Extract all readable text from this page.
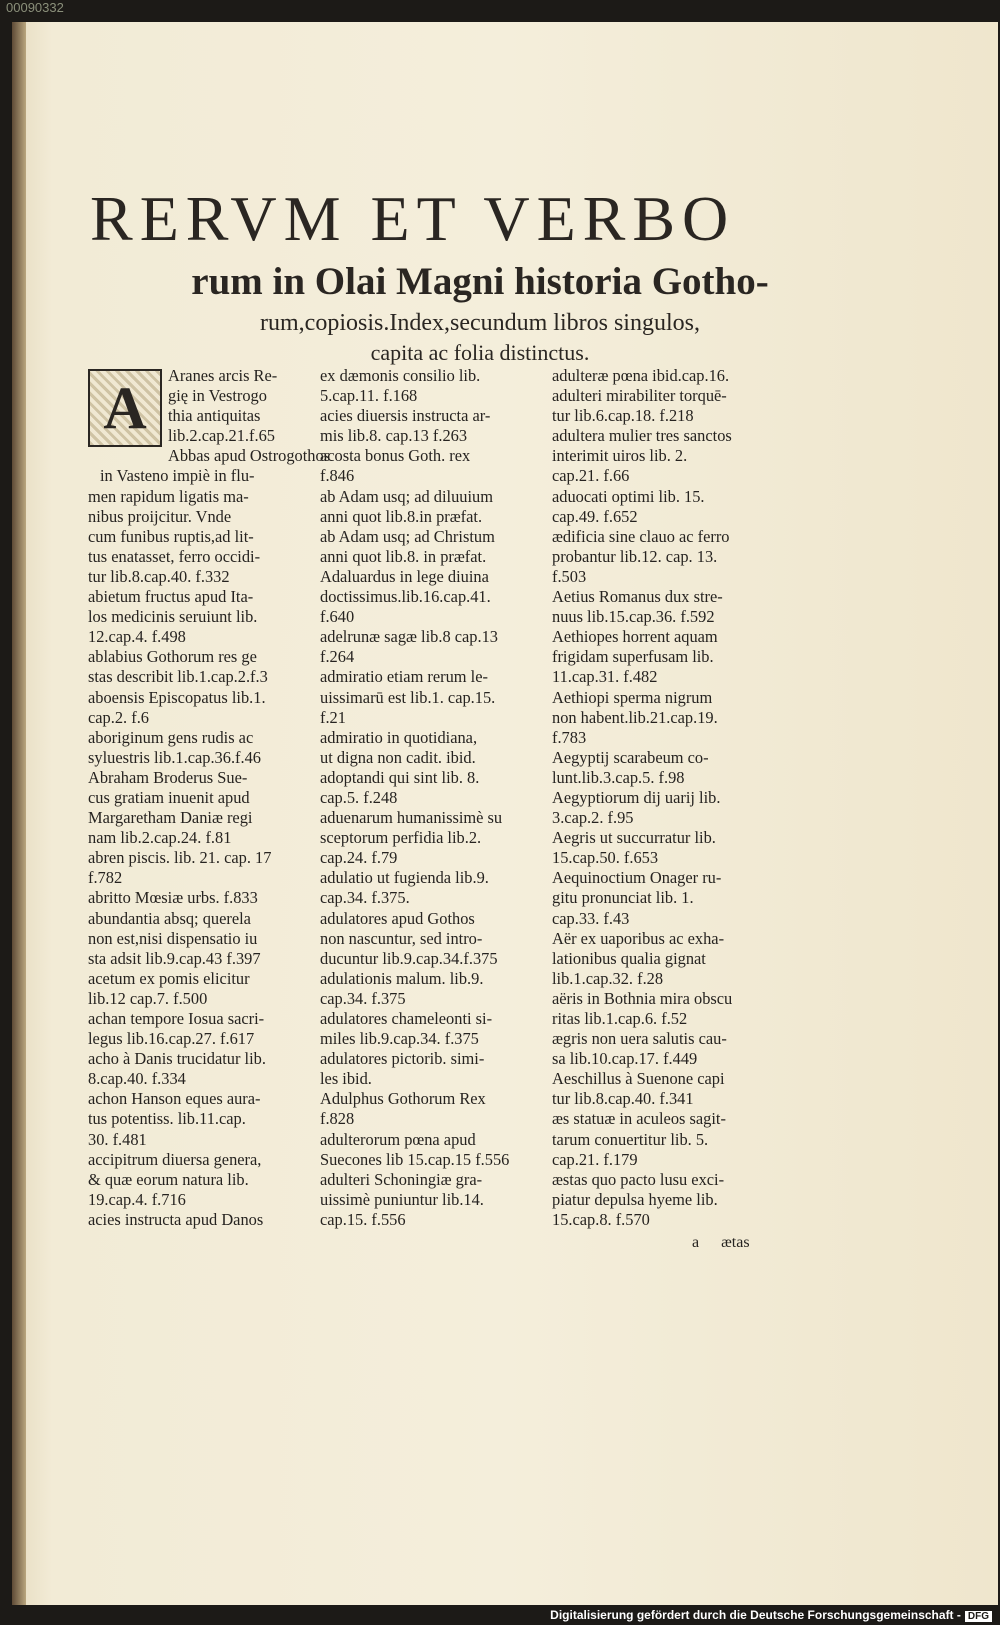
00090332

RERVM ET VERBO
rum in Olai Magni historia Gotho-

rum,copiosis.Index,secundum libros singulos,

capita ac folia distinctus.

A	Aranes arcis Re-
gię in Vestrogo
thia antiquitas
lib.2.cap.21.f.65
Abbas apud Ostrogothos
in Vasteno impiè in flu-
men rapidum ligatis ma-
nibus proijcitur. Vnde
cum funibus ruptis,ad lit-
tus enatasset, ferro occidi-
tur lib.8.cap.40. f.332
abietum fructus apud Ita-
los medicinis seruiunt lib.
12.cap.4. f.498
ablabius Gothorum res ge
stas describit lib.1.cap.2.f.3
aboensis Episcopatus lib.1.
cap.2. f.6
aboriginum gens rudis ac
syluestris lib.1.cap.36.f.46
Abraham Broderus Sue-
cus gratiam inuenit apud
Margaretham Daniæ regi
nam lib.2.cap.24. f.81
abren piscis. lib. 21. cap. 17
f.782
abritto Mœsiæ urbs. f.833
abundantia absq; querela
non est,nisi dispensatio iu
sta adsit lib.9.cap.43 f.397
acetum ex pomis elicitur
lib.12 cap.7. f.500
achan tempore Iosua sacri-
legus lib.16.cap.27. f.617
acho à Danis trucidatur lib.
8.cap.40. f.334
achon Hanson eques aura-
tus potentiss. lib.11.cap.
30. f.481
accipitrum diuersa genera,
& quæ eorum natura lib.
19.cap.4. f.716
acies instructa apud Danos
ex dæmonis consilio lib.
5.cap.11. f.168
acies diuersis instructa ar-
mis lib.8. cap.13 f.263
acosta bonus Goth. rex
f.846
ab Adam usq; ad diluuium
anni quot lib.8.in præfat.
ab Adam usq; ad Christum
anni quot lib.8. in præfat.
Adaluardus in lege diuina
doctissimus.lib.16.cap.41.
f.640
adelrunæ sagæ lib.8 cap.13
f.264
admiratio etiam rerum le-
uissimarū est lib.1. cap.15.
f.21
admiratio in quotidiana,
ut digna non cadit. ibid.
adoptandi qui sint lib. 8.
cap.5. f.248
aduenarum humanissimè su
sceptorum perfidia lib.2.
cap.24. f.79
adulatio ut fugienda lib.9.
cap.34. f.375.
adulatores apud Gothos
non nascuntur, sed intro-
ducuntur lib.9.cap.34.f.375
adulationis malum. lib.9.
cap.34. f.375
adulatores chameleonti si-
miles lib.9.cap.34. f.375
adulatores pictorib. simi-
les ibid.
Adulphus Gothorum Rex
f.828
adulterorum pœna apud
Suecones lib 15.cap.15 f.556
adulteri Schoningiæ gra-
uissimè puniuntur lib.14.
cap.15. f.556
adulteræ pœna ibid.cap.16.
adulteri mirabiliter torquē-
tur lib.6.cap.18. f.218
adultera mulier tres sanctos
interimit uiros lib. 2.
cap.21. f.66
aduocati optimi lib. 15.
cap.49. f.652
ædificia sine clauo ac ferro
probantur lib.12. cap. 13.
f.503
Aetius Romanus dux stre-
nuus lib.15.cap.36. f.592
Aethiopes horrent aquam
frigidam superfusam lib.
11.cap.31. f.482
Aethiopi sperma nigrum
non habent.lib.21.cap.19.
f.783
Aegyptij scarabeum co-
lunt.lib.3.cap.5. f.98
Aegyptiorum dij uarij lib.
3.cap.2. f.95
Aegris ut succurratur lib.
15.cap.50. f.653
Aequinoctium Onager ru-
gitu pronunciat lib. 1.
cap.33. f.43
Aër ex uaporibus ac exha-
lationibus qualia gignat
lib.1.cap.32. f.28
aëris in Bothnia mira obscu
ritas lib.1.cap.6. f.52
ægris non uera salutis cau-
sa lib.10.cap.17. f.449
Aeschillus à Suenone capi
tur lib.8.cap.40. f.341
æs statuæ in aculeos sagit-
tarum conuertitur lib. 5.
cap.21. f.179
æstas quo pacto lusu exci-
piatur depulsa hyeme lib.
15.cap.8. f.570

a ætas

Digitalisierung gefördert durch die Deutsche Forschungsgemeinschaft - DFG
